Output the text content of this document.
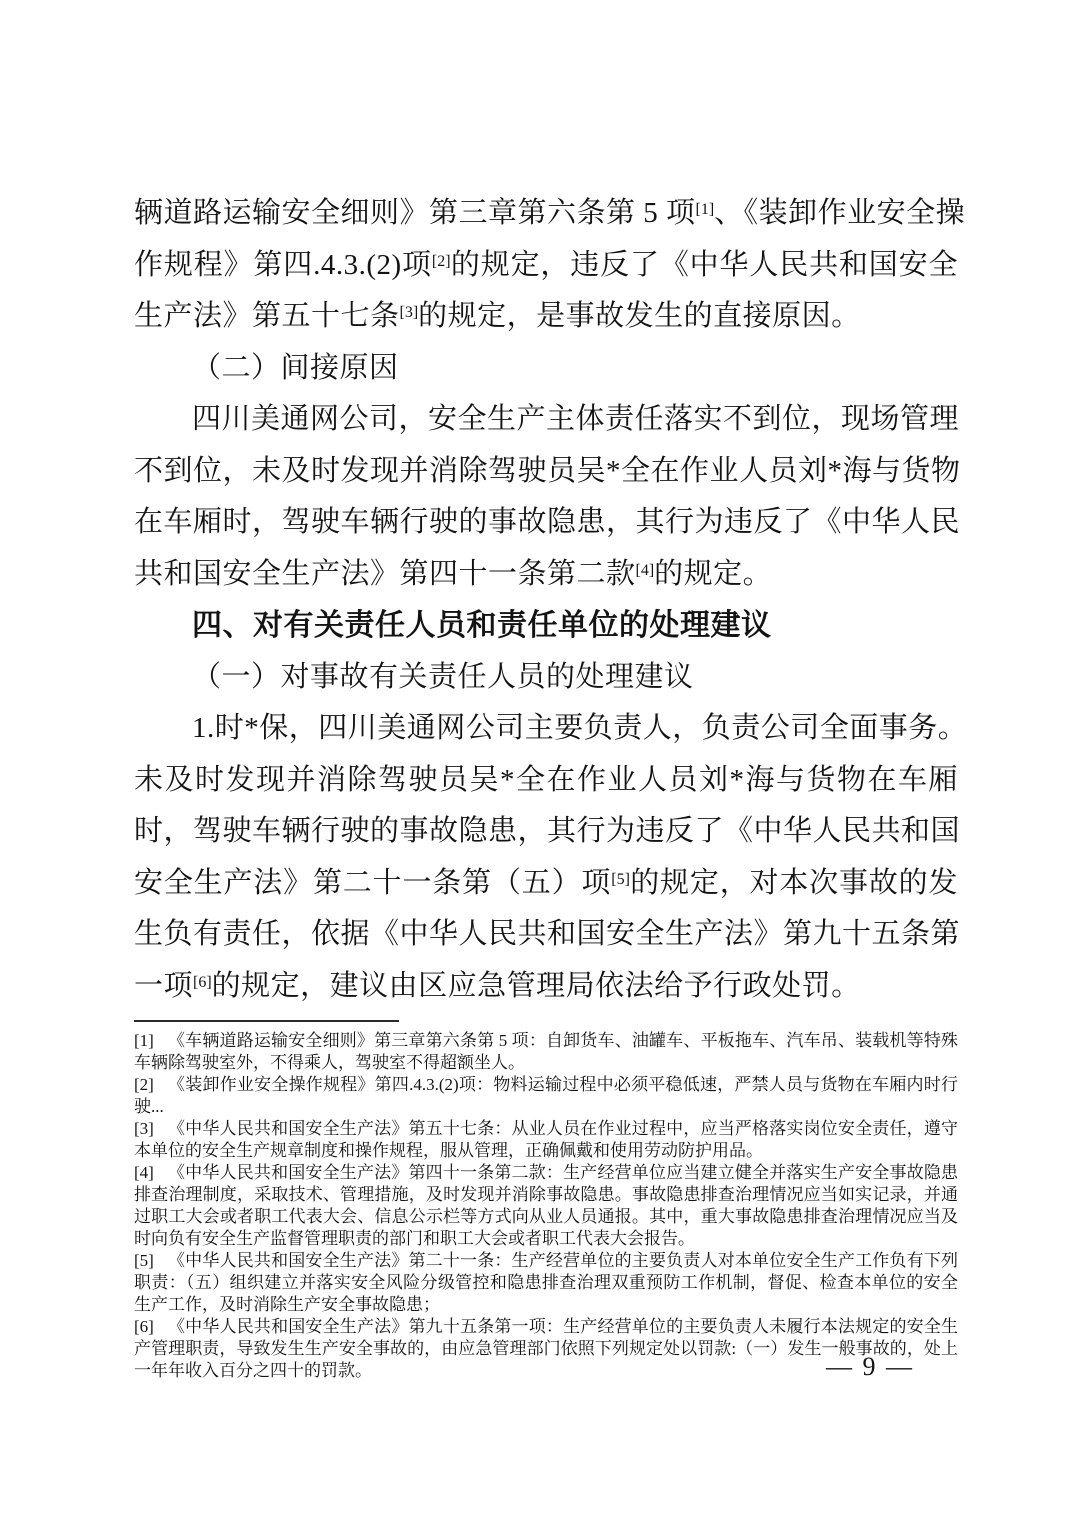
辆道路运输安全细则》第三章第六条第 5 项[1]、《装卸作业安全操
作规程》第四.4.3.(2)项[2]的规定，违反了《中华人民共和国安全
生产法》第五十七条[3]的规定，是事故发生的直接原因。
（二）间接原因
四川美通网公司，安全生产主体责任落实不到位，现场管理
不到位，未及时发现并消除驾驶员吴*全在作业人员刘*海与货物
在车厢时，驾驶车辆行驶的事故隐患，其行为违反了《中华人民
共和国安全生产法》第四十一条第二款[4]的规定。
四、对有关责任人员和责任单位的处理建议
（一）对事故有关责任人员的处理建议
1.时*保，四川美通网公司主要负责人，负责公司全面事务。
未及时发现并消除驾驶员吴*全在作业人员刘*海与货物在车厢
时，驾驶车辆行驶的事故隐患，其行为违反了《中华人民共和国
安全生产法》第二十一条第（五）项[5]的规定，对本次事故的发
生负有责任，依据《中华人民共和国安全生产法》第九十五条第
一项[6]的规定，建议由区应急管理局依法给予行政处罚。
[1] 《车辆道路运输安全细则》第三章第六条第 5 项：自卸货车、油罐车、平板拖车、汽车吊、装载机等特殊车辆除驾驶室外，不得乘人，驾驶室不得超额坐人。
[2] 《装卸作业安全操作规程》第四.4.3.(2)项：物料运输过程中必须平稳低速，严禁人员与货物在车厢内时行驶...
[3] 《中华人民共和国安全生产法》第五十七条：从业人员在作业过程中，应当严格落实岗位安全责任，遵守本单位的安全生产规章制度和操作规程，服从管理，正确佩戴和使用劳动防护用品。
[4] 《中华人民共和国安全生产法》第四十一条第二款：生产经营单位应当建立健全并落实生产安全事故隐患排查治理制度，采取技术、管理措施，及时发现并消除事故隐患。事故隐患排查治理情况应当如实记录，并通过职工大会或者职工代表大会、信息公示栏等方式向从业人员通报。其中，重大事故隐患排查治理情况应当及时向负有安全生产监督管理职责的部门和职工大会或者职工代表大会报告。
[5] 《中华人民共和国安全生产法》第二十一条：生产经营单位的主要负责人对本单位安全生产工作负有下列职责：（五）组织建立并落实安全风险分级管控和隐患排查治理双重预防工作机制，督促、检查本单位的安全生产工作，及时消除生产安全事故隐患；
[6] 《中华人民共和国安全生产法》第九十五条第一项：生产经营单位的主要负责人未履行本法规定的安全生产管理职责，导致发生生产安全事故的，由应急管理部门依照下列规定处以罚款:（一）发生一般事故的，处上一年年收入百分之四十的罚款。	— 9 —
